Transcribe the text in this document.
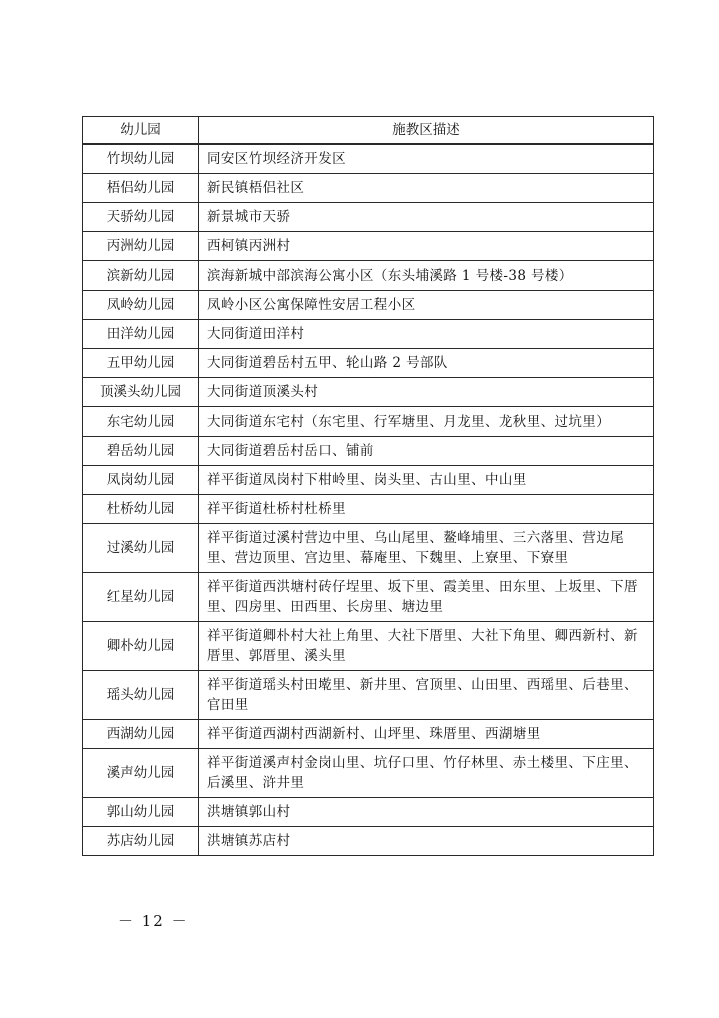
幼儿园	施教区描述
竹坝幼儿园	同安区竹坝经济开发区
梧侣幼儿园	新民镇梧侣社区
天骄幼儿园	新景城市天骄
丙洲幼儿园	西柯镇丙洲村
滨新幼儿园	滨海新城中部滨海公寓小区（东头埔溪路 1 号楼-38 号楼）
凤岭幼儿园	凤岭小区公寓保障性安居工程小区
田洋幼儿园	大同街道田洋村
五甲幼儿园	大同街道碧岳村五甲、轮山路 2 号部队
顶溪头幼儿园	大同街道顶溪头村
东宅幼儿园	大同街道东宅村（东宅里、行军塘里、月龙里、龙秋里、过坑里）
碧岳幼儿园	大同街道碧岳村岳口、铺前
凤岗幼儿园	祥平街道凤岗村下柑岭里、岗头里、古山里、中山里
杜桥幼儿园	祥平街道杜桥村杜桥里
过溪幼儿园	祥平街道过溪村营边中里、乌山尾里、鳌峰埔里、三六落里、营边尾里、营边顶里、宫边里、幕庵里、下魏里、上寮里、下寮里
红星幼儿园	祥平街道西洪塘村砖仔埕里、坂下里、霞美里、田东里、上坂里、下厝里、四房里、田西里、长房里、塘边里
卿朴幼儿园	祥平街道卿朴村大社上角里、大社下厝里、大社下角里、卿西新村、新厝里、郭厝里、溪头里
瑶头幼儿园	祥平街道瑶头村田墘里、新井里、宫顶里、山田里、西瑶里、后巷里、官田里
西湖幼儿园	祥平街道西湖村西湖新村、山坪里、珠厝里、西湖塘里
溪声幼儿园	祥平街道溪声村金岗山里、坑仔口里、竹仔林里、赤土楼里、下庄里、后溪里、浒井里
郭山幼儿园	洪塘镇郭山村
苏店幼儿园	洪塘镇苏店村
－ 12 －
